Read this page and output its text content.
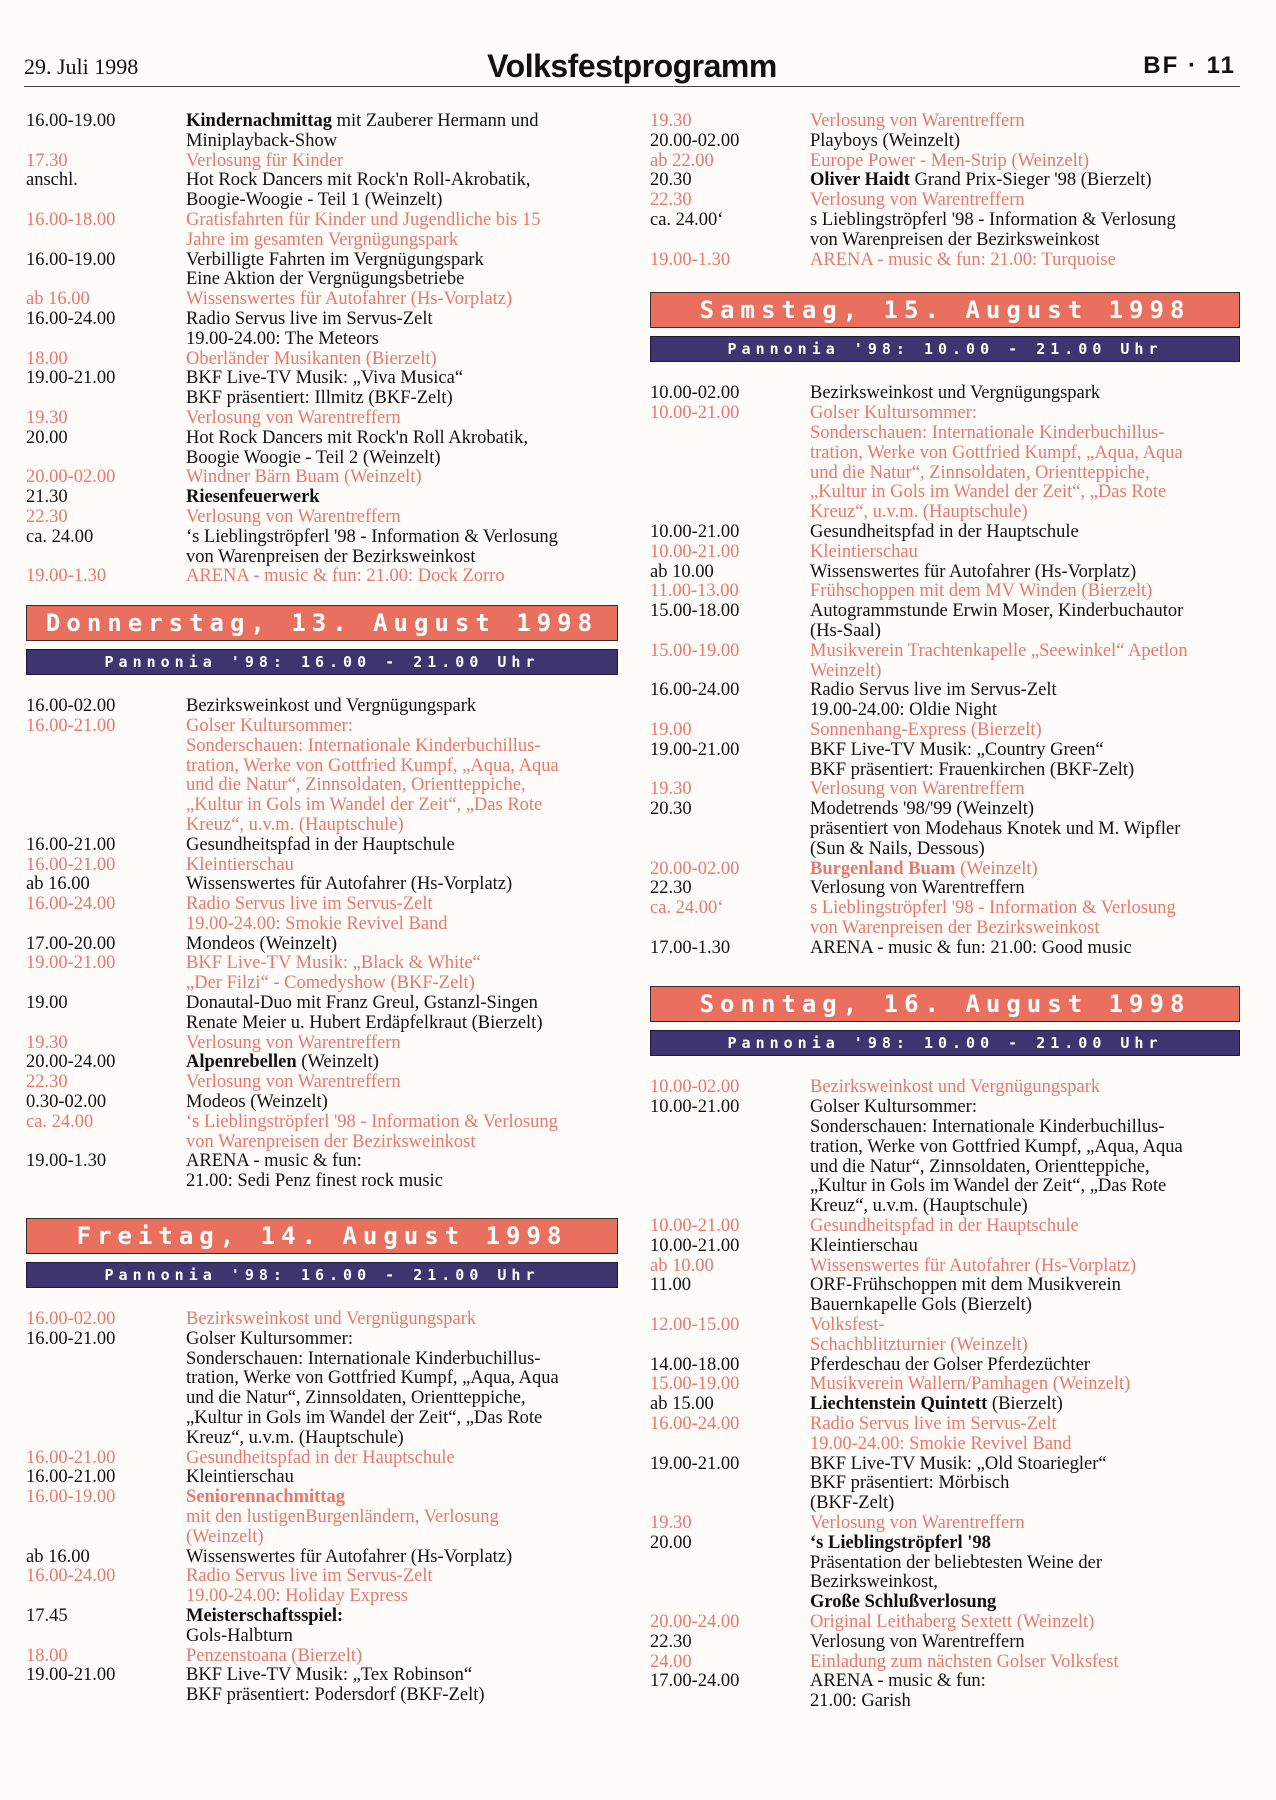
29. Juli 1998	Volksfestprogramm	BF · 11
16.00-19.00	Kindernachmittag mit Zauberer Hermann und
Miniplayback-Show
17.30	Verlosung für Kinder
anschl.	Hot Rock Dancers mit Rock'n Roll-Akrobatik,
Boogie-Woogie - Teil 1 (Weinzelt)
16.00-18.00	Gratisfahrten für Kinder und Jugendliche bis 15
Jahre im gesamten Vergnügungspark
16.00-19.00	Verbilligte Fahrten im Vergnügungspark
Eine Aktion der Vergnügungsbetriebe
ab 16.00	Wissenswertes für Autofahrer (Hs-Vorplatz)
16.00-24.00	Radio Servus live im Servus-Zelt
19.00-24.00: The Meteors
18.00	Oberländer Musikanten (Bierzelt)
19.00-21.00	BKF Live-TV Musik: „Viva Musica“
BKF präsentiert: Illmitz (BKF-Zelt)
19.30	Verlosung von Warentreffern
20.00	Hot Rock Dancers mit Rock'n Roll Akrobatik,
Boogie Woogie - Teil 2 (Weinzelt)
20.00-02.00	Windner Bärn Buam (Weinzelt)
21.30	Riesenfeuerwerk
22.30	Verlosung von Warentreffern
ca. 24.00	‘s Lieblingströpferl '98 - Information & Verlosung
von Warenpreisen der Bezirksweinkost
19.00-1.30	ARENA - music & fun: 21.00: Dock Zorro
Donnerstag, 13. August 1998
Pannonia '98: 16.00 - 21.00 Uhr
16.00-02.00	Bezirksweinkost und Vergnügungspark
16.00-21.00	Golser Kultursommer:
Sonderschauen: Internationale Kinderbuchillus-
tration, Werke von Gottfried Kumpf, „Aqua, Aqua
und die Natur“, Zinnsoldaten, Orientteppiche,
„Kultur in Gols im Wandel der Zeit“, „Das Rote
Kreuz“, u.v.m. (Hauptschule)
16.00-21.00	Gesundheitspfad in der Hauptschule
16.00-21.00	Kleintierschau
ab 16.00	Wissenswertes für Autofahrer (Hs-Vorplatz)
16.00-24.00	Radio Servus live im Servus-Zelt
19.00-24.00: Smokie Revivel Band
17.00-20.00	Mondeos (Weinzelt)
19.00-21.00	BKF Live-TV Musik: „Black & White“
„Der Filzi“ - Comedyshow (BKF-Zelt)
19.00	Donautal-Duo mit Franz Greul, Gstanzl-Singen
Renate Meier u. Hubert Erdäpfelkraut (Bierzelt)
19.30	Verlosung von Warentreffern
20.00-24.00	Alpenrebellen (Weinzelt)
22.30	Verlosung von Warentreffern
0.30-02.00	Modeos (Weinzelt)
ca. 24.00	‘s Lieblingströpferl '98 - Information & Verlosung
von Warenpreisen der Bezirksweinkost
19.00-1.30	ARENA - music & fun:
21.00: Sedi Penz finest rock music
Freitag, 14. August 1998
Pannonia '98: 16.00 - 21.00 Uhr
16.00-02.00	Bezirksweinkost und Vergnügungspark
16.00-21.00	Golser Kultursommer:
Sonderschauen: Internationale Kinderbuchillus-
tration, Werke von Gottfried Kumpf, „Aqua, Aqua
und die Natur“, Zinnsoldaten, Orientteppiche,
„Kultur in Gols im Wandel der Zeit“, „Das Rote
Kreuz“, u.v.m. (Hauptschule)
16.00-21.00	Gesundheitspfad in der Hauptschule
16.00-21.00	Kleintierschau
16.00-19.00	Seniorennachmittag
mit den lustigenBurgenländern, Verlosung
(Weinzelt)
ab 16.00	Wissenswertes für Autofahrer (Hs-Vorplatz)
16.00-24.00	Radio Servus live im Servus-Zelt
19.00-24.00: Holiday Express
17.45	Meisterschaftsspiel:
Gols-Halbturn
18.00	Penzenstoana (Bierzelt)
19.00-21.00	BKF Live-TV Musik: „Tex Robinson“
BKF präsentiert: Podersdorf (BKF-Zelt)
19.30	Verlosung von Warentreffern
20.00-02.00	Playboys (Weinzelt)
ab 22.00	Europe Power - Men-Strip (Weinzelt)
20.30	Oliver Haidt Grand Prix-Sieger '98 (Bierzelt)
22.30	Verlosung von Warentreffern
ca. 24.00‘	s Lieblingströpferl '98 - Information & Verlosung
von Warenpreisen der Bezirksweinkost
19.00-1.30	ARENA - music & fun: 21.00: Turquoise
Samstag, 15. August 1998
Pannonia '98: 10.00 - 21.00 Uhr
10.00-02.00	Bezirksweinkost und Vergnügungspark
10.00-21.00	Golser Kultursommer:
Sonderschauen: Internationale Kinderbuchillus-
tration, Werke von Gottfried Kumpf, „Aqua, Aqua
und die Natur“, Zinnsoldaten, Orientteppiche,
„Kultur in Gols im Wandel der Zeit“, „Das Rote
Kreuz“, u.v.m. (Hauptschule)
10.00-21.00	Gesundheitspfad in der Hauptschule
10.00-21.00	Kleintierschau
ab 10.00	Wissenswertes für Autofahrer (Hs-Vorplatz)
11.00-13.00	Frühschoppen mit dem MV Winden (Bierzelt)
15.00-18.00	Autogrammstunde Erwin Moser, Kinderbuchautor
(Hs-Saal)
15.00-19.00	Musikverein Trachtenkapelle „Seewinkel“ Apetlon
Weinzelt)
16.00-24.00	Radio Servus live im Servus-Zelt
19.00-24.00: Oldie Night
19.00	Sonnenhang-Express (Bierzelt)
19.00-21.00	BKF Live-TV Musik: „Country Green“
BKF präsentiert: Frauenkirchen (BKF-Zelt)
19.30	Verlosung von Warentreffern
20.30	Modetrends '98/'99 (Weinzelt)
präsentiert von Modehaus Knotek und M. Wipfler
(Sun & Nails, Dessous)
20.00-02.00	Burgenland Buam (Weinzelt)
22.30	Verlosung von Warentreffern
ca. 24.00‘	s Lieblingströpferl '98 - Information & Verlosung
von Warenpreisen der Bezirksweinkost
17.00-1.30	ARENA - music & fun: 21.00: Good music
Sonntag, 16. August 1998
Pannonia '98: 10.00 - 21.00 Uhr
10.00-02.00	Bezirksweinkost und Vergnügungspark
10.00-21.00	Golser Kultursommer:
Sonderschauen: Internationale Kinderbuchillus-
tration, Werke von Gottfried Kumpf, „Aqua, Aqua
und die Natur“, Zinnsoldaten, Orientteppiche,
„Kultur in Gols im Wandel der Zeit“, „Das Rote
Kreuz“, u.v.m. (Hauptschule)
10.00-21.00	Gesundheitspfad in der Hauptschule
10.00-21.00	Kleintierschau
ab 10.00	Wissenswertes für Autofahrer (Hs-Vorplatz)
11.00	ORF-Frühschoppen mit dem Musikverein
Bauernkapelle Gols (Bierzelt)
12.00-15.00	Volksfest-
Schachblitzturnier (Weinzelt)
14.00-18.00	Pferdeschau der Golser Pferdezüchter
15.00-19.00	Musikverein Wallern/Pamhagen (Weinzelt)
ab 15.00	Liechtenstein Quintett (Bierzelt)
16.00-24.00	Radio Servus live im Servus-Zelt
19.00-24.00: Smokie Revivel Band
19.00-21.00	BKF Live-TV Musik: „Old Stoariegler“
BKF präsentiert: Mörbisch
(BKF-Zelt)
19.30	Verlosung von Warentreffern
20.00	‘s Lieblingströpferl '98
Präsentation der beliebtesten Weine der
Bezirksweinkost,
Große Schlußverlosung
20.00-24.00	Original Leithaberg Sextett (Weinzelt)
22.30	Verlosung von Warentreffern
24.00	Einladung zum nächsten Golser Volksfest
17.00-24.00	ARENA - music & fun:
21.00: Garish
